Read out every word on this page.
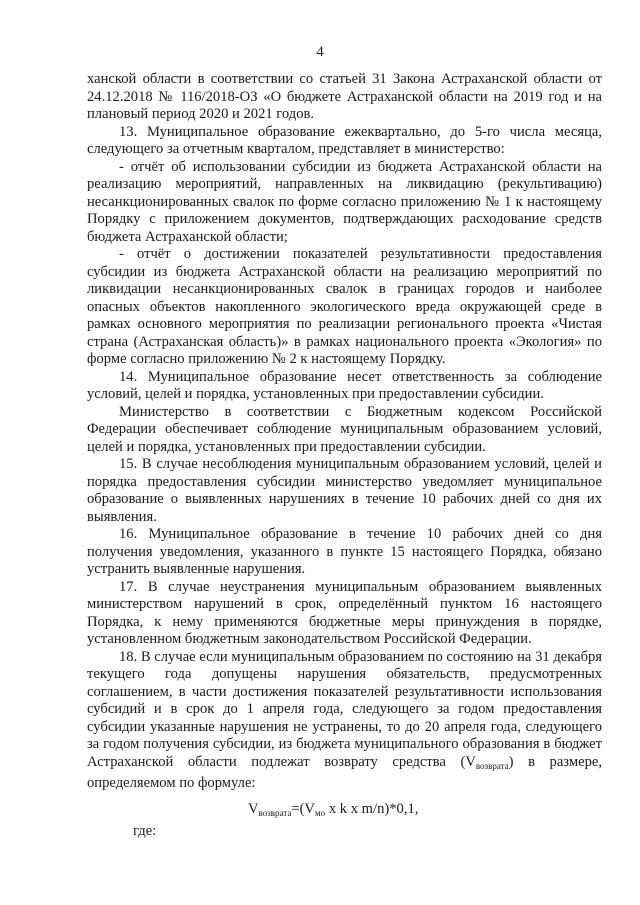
4

ханской области в соответствии со статьей 31 Закона Астраханской области от 24.12.2018 № 116/2018-ОЗ «О бюджете Астраханской области на 2019 год и на плановый период 2020 и 2021 годов.

13. Муниципальное образование ежеквартально, до 5-го числа месяца, следующего за отчетным кварталом, представляет в министерство:

- отчёт об использовании субсидии из бюджета Астраханской области на реализацию мероприятий, направленных на ликвидацию (рекультивацию) несанкционированных свалок по форме согласно приложению № 1 к настоящему Порядку с приложением документов, подтверждающих расходование средств бюджета Астраханской области;

- отчёт о достижении показателей результативности предоставления субсидии из бюджета Астраханской области на реализацию мероприятий по ликвидации несанкционированных свалок в границах городов и наиболее опасных объектов накопленного экологического вреда окружающей среде в рамках основного мероприятия по реализации регионального проекта «Чистая страна (Астраханская область)» в рамках национального проекта «Экология» по форме согласно приложению № 2 к настоящему Порядку.

14. Муниципальное образование несет ответственность за соблюдение условий, целей и порядка, установленных при предоставлении субсидии.

Министерство в соответствии с Бюджетным кодексом Российской Федерации обеспечивает соблюдение муниципальным образованием условий, целей и порядка, установленных при предоставлении субсидии.

15. В случае несоблюдения муниципальным образованием условий, целей и порядка предоставления субсидии министерство уведомляет муниципальное образование о выявленных нарушениях в течение 10 рабочих дней со дня их выявления.

16. Муниципальное образование в течение 10 рабочих дней со дня получения уведомления, указанного в пункте 15 настоящего Порядка, обязано устранить выявленные нарушения.

17. В случае неустранения муниципальным образованием выявленных министерством нарушений в срок, определённый пунктом 16 настоящего Порядка, к нему применяются бюджетные меры принуждения в порядке, установленном бюджетным законодательством Российской Федерации.

18. В случае если муниципальным образованием по состоянию на 31 декабря текущего года допущены нарушения обязательств, предусмотренных соглашением, в части достижения показателей результативности использования субсидий и в срок до 1 апреля года, следующего за годом предоставления субсидии указанные нарушения не устранены, то до 20 апреля года, следующего за годом получения субсидии, из бюджета муниципального образования в бюджет Астраханской области подлежат возврату средства $(V_{возврата})$ в размере, определяемом по формуле:

$V_{возврата}=(V_{мо}$ x k x m/n)*0,1,
где:
